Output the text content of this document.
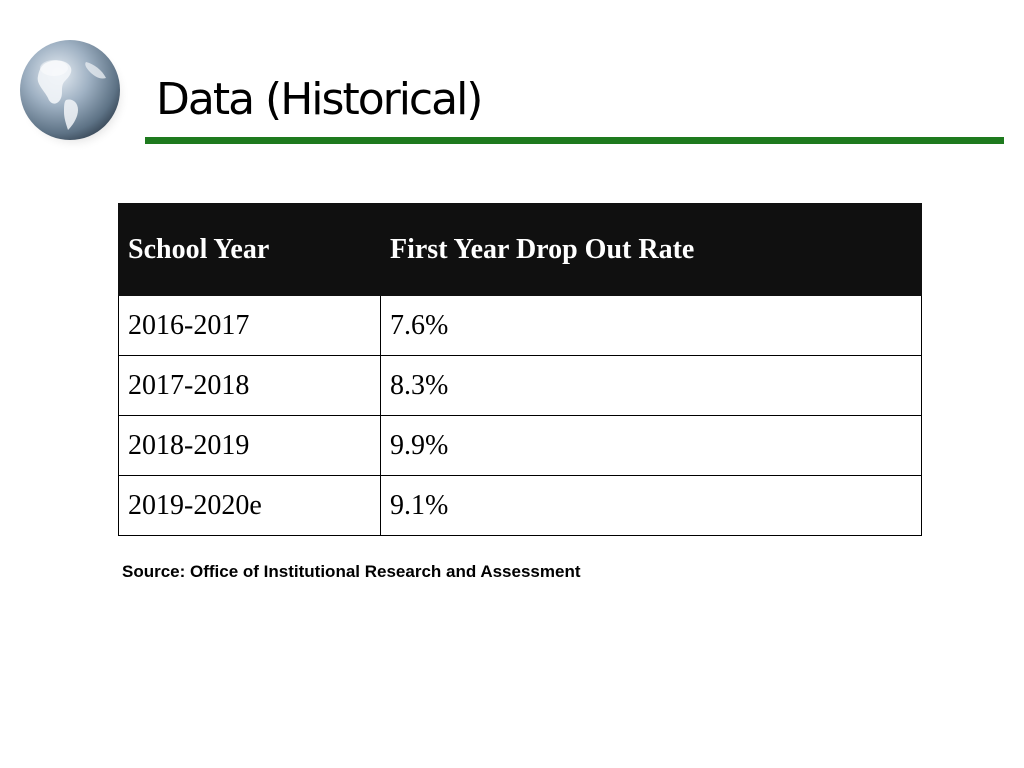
Data (Historical)
School Year	First Year Drop Out Rate
2016-2017	7.6%
2017-2018	8.3%
2018-2019	9.9%
2019-2020e	9.1%
Source: Office of Institutional Research and Assessment
